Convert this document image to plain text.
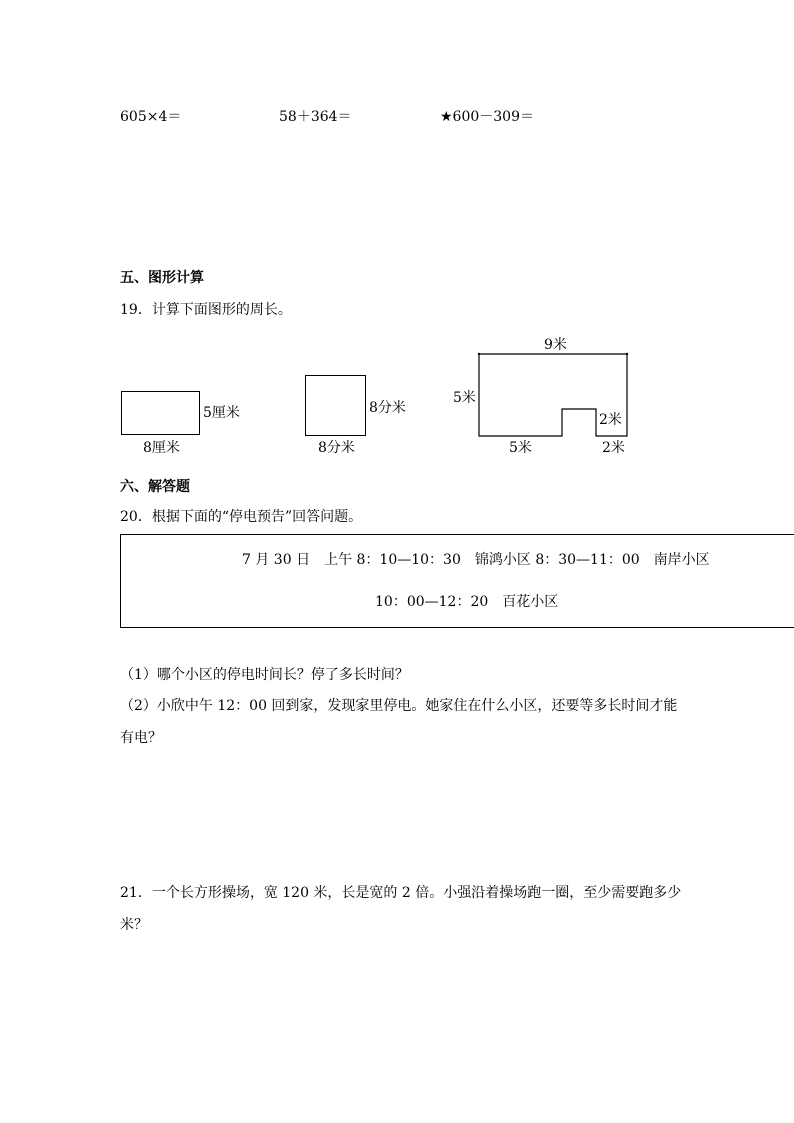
605×4＝	58＋364＝	★600－309＝
五、图形计算
19．计算下面图形的周长。
5厘米
8厘米
8分米
8分米
9米
5米
2米
5米	2米
六、解答题
20．根据下面的“停电预告”回答问题。
7 月 30 日　上午 8：10—10：30　锦鸿小区 8：30—11：00　南岸小区
10：00—12：20　百花小区
（1）哪个小区的停电时间长？停了多长时间？
（2）小欣中午 12：00 回到家，发现家里停电。她家住在什么小区，还要等多长时间才能
有电？
21．一个长方形操场，宽 120 米，长是宽的 2 倍。小强沿着操场跑一圈，至少需要跑多少
米？
